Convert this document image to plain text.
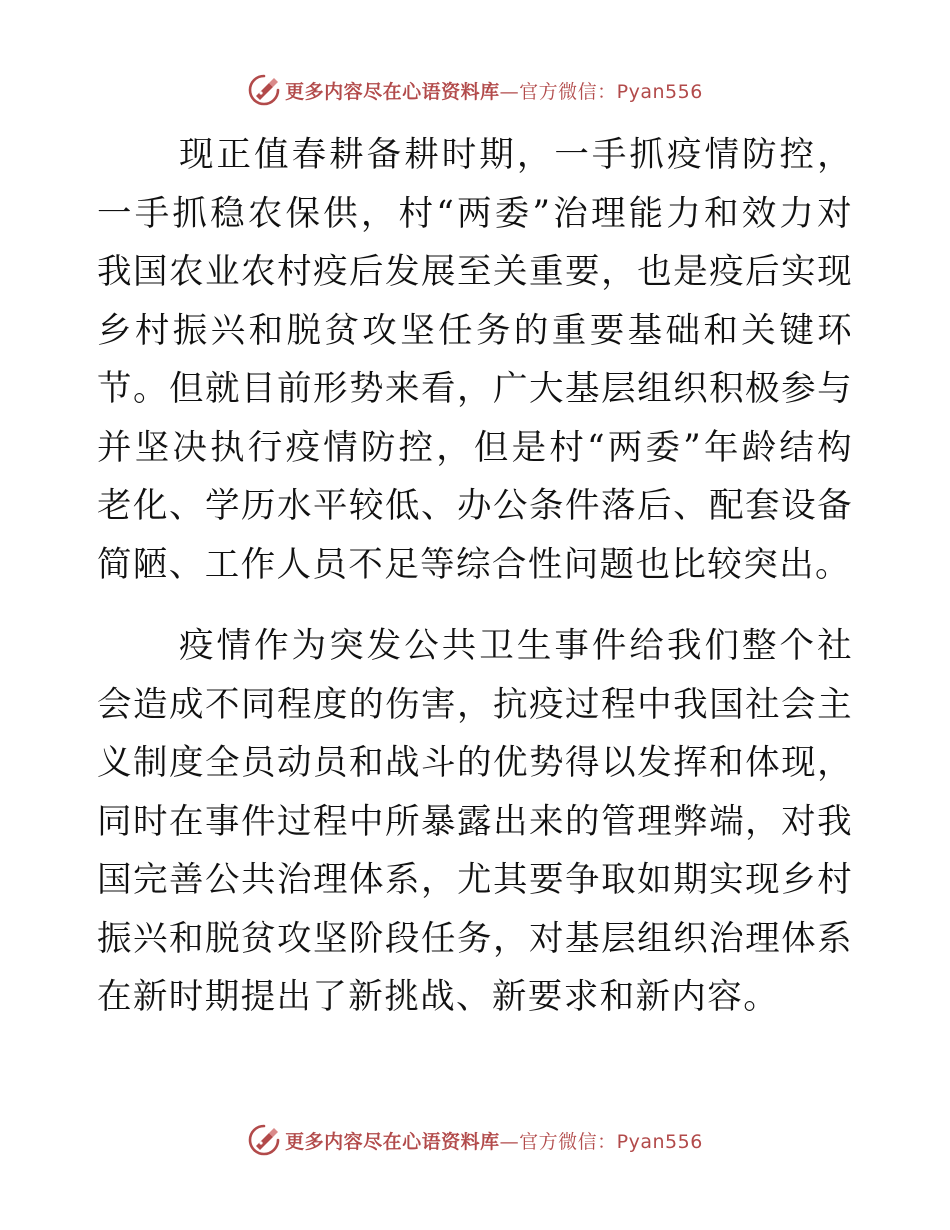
更多内容尽在心语资料库—官方微信：Pyan556

现正值春耕备耕时期，一手抓疫情防控，一手抓稳农保供，村“两委”治理能力和效力对我国农业农村疫后发展至关重要，也是疫后实现乡村振兴和脱贫攻坚任务的重要基础和关键环节。但就目前形势来看，广大基层组织积极参与并坚决执行疫情防控，但是村“两委”年龄结构老化、学历水平较低、办公条件落后、配套设备简陋、工作人员不足等综合性问题也比较突出。

疫情作为突发公共卫生事件给我们整个社会造成不同程度的伤害，抗疫过程中我国社会主义制度全员动员和战斗的优势得以发挥和体现，同时在事件过程中所暴露出来的管理弊端，对我国完善公共治理体系，尤其要争取如期实现乡村振兴和脱贫攻坚阶段任务，对基层组织治理体系在新时期提出了新挑战、新要求和新内容。

更多内容尽在心语资料库—官方微信：Pyan556
